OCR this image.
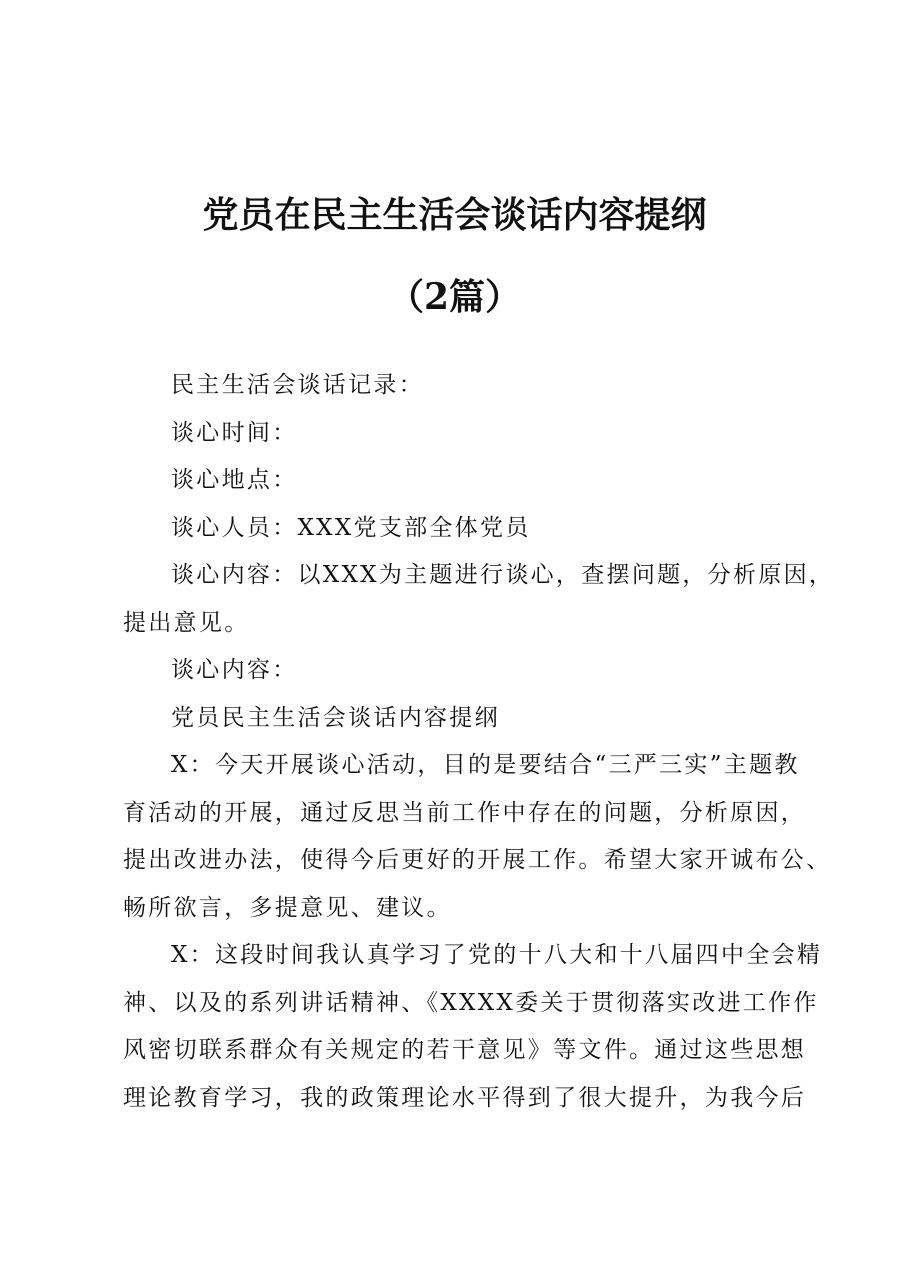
党员在民主生活会谈话内容提纲
（2篇）
民主生活会谈话记录：
谈心时间：
谈心地点：
谈心人员：XXX党支部全体党员
谈心内容：以XXX为主题进行谈心，查摆问题，分析原因，
提出意见。
谈心内容：
党员民主生活会谈话内容提纲
X：今天开展谈心活动，目的是要结合“三严三实”主题教
育活动的开展，通过反思当前工作中存在的问题，分析原因，
提出改进办法，使得今后更好的开展工作。希望大家开诚布公、
畅所欲言，多提意见、建议。
X：这段时间我认真学习了党的十八大和十八届四中全会精
神、以及的系列讲话精神、《XXXX委关于贯彻落实改进工作作
风密切联系群众有关规定的若干意见》等文件。通过这些思想
理论教育学习，我的政策理论水平得到了很大提升，为我今后
